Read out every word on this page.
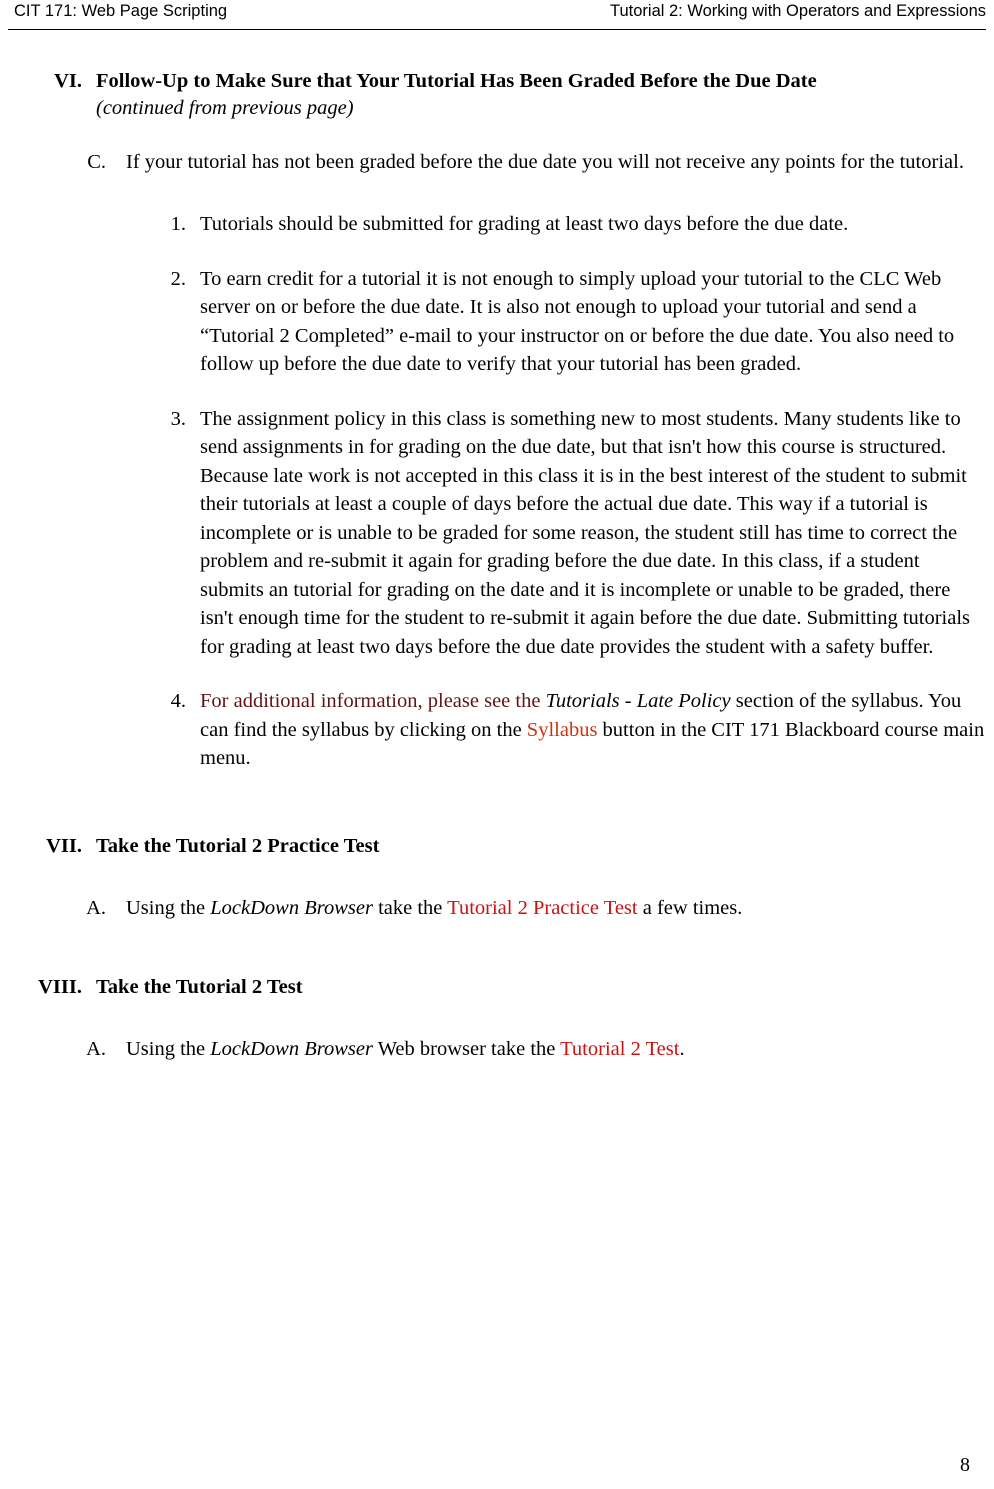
CIT 171: Web Page Scripting	Tutorial 2: Working with Operators and Expressions
VI. Follow-Up to Make Sure that Your Tutorial Has Been Graded Before the Due Date
(continued from previous page)
C. If your tutorial has not been graded before the due date you will not receive any points for the tutorial.
1. Tutorials should be submitted for grading at least two days before the due date.
2. To earn credit for a tutorial it is not enough to simply upload your tutorial to the CLC Web server on or before the due date. It is also not enough to upload your tutorial and send a “Tutorial 2 Completed” e-mail to your instructor on or before the due date. You also need to follow up before the due date to verify that your tutorial has been graded.
3. The assignment policy in this class is something new to most students. Many students like to send assignments in for grading on the due date, but that isn't how this course is structured. Because late work is not accepted in this class it is in the best interest of the student to submit their tutorials at least a couple of days before the actual due date. This way if a tutorial is incomplete or is unable to be graded for some reason, the student still has time to correct the problem and re-submit it again for grading before the due date. In this class, if a student submits an tutorial for grading on the date and it is incomplete or unable to be graded, there isn't enough time for the student to re-submit it again before the due date. Submitting tutorials for grading at least two days before the due date provides the student with a safety buffer.
4. For additional information, please see the Tutorials - Late Policy section of the syllabus. You can find the syllabus by clicking on the Syllabus button in the CIT 171 Blackboard course main menu.
VII. Take the Tutorial 2 Practice Test
A. Using the LockDown Browser take the Tutorial 2 Practice Test a few times.
VIII. Take the Tutorial 2 Test
A. Using the LockDown Browser Web browser take the Tutorial 2 Test.
8
